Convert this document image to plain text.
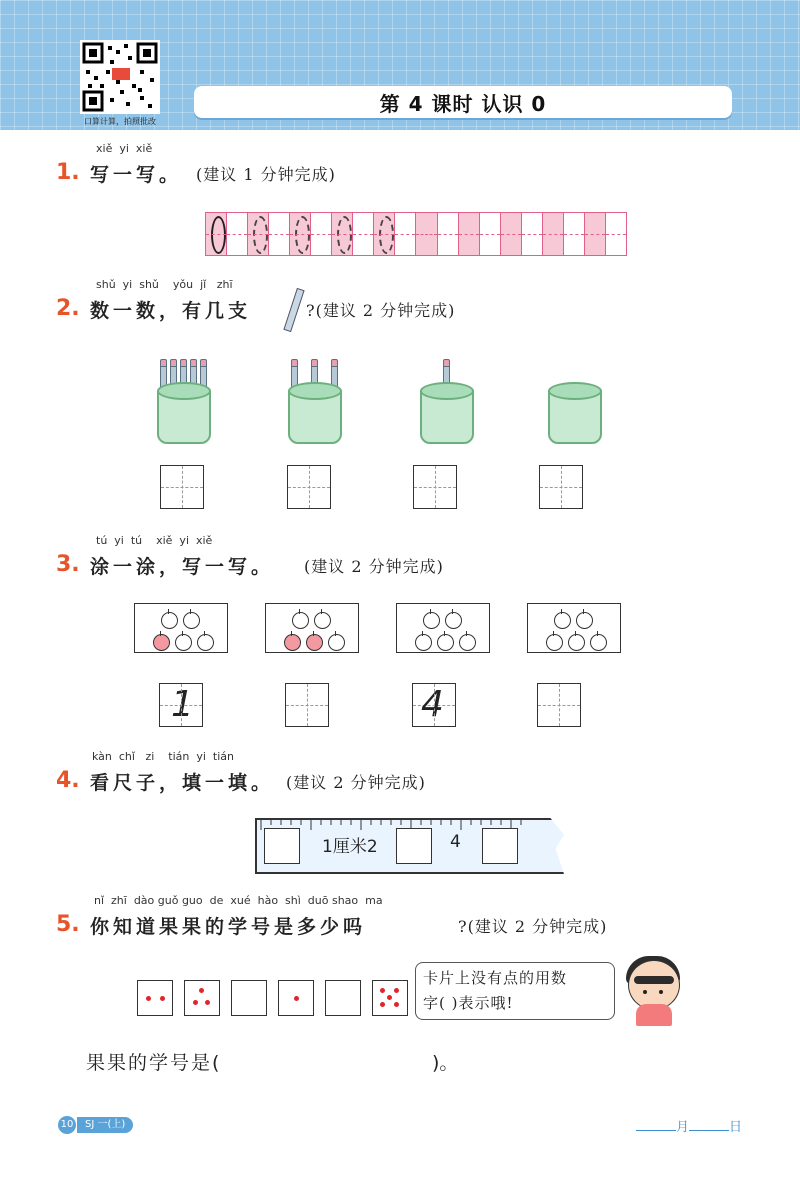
口算计算，拍照批改
第 4 课时 认识 0
xiě  yi  xiě
1. 写一写。 (建议 1 分钟完成)
shǔ  yi  shǔ    yǒu  jǐ   zhī
2. 数一数，有几支	?(建议 2 分钟完成)
tú  yi  tú    xiě  yi  xiě
3. 涂一涂，写一写。 (建议 2 分钟完成)
1	4
kàn  chǐ   zi    tián  yi  tián
4. 看尺子，填一填。 (建议 2 分钟完成)
1厘米2	4
nǐ  zhī  dào guǒ guo  de  xué  hào  shì  duō shao  ma
5. 你知道果果的学号是多少吗	?(建议 2 分钟完成)
卡片上没有点的用数
字( )表示哦!
果果的学号是(	)。
10	SJ 一(上)	月	日
